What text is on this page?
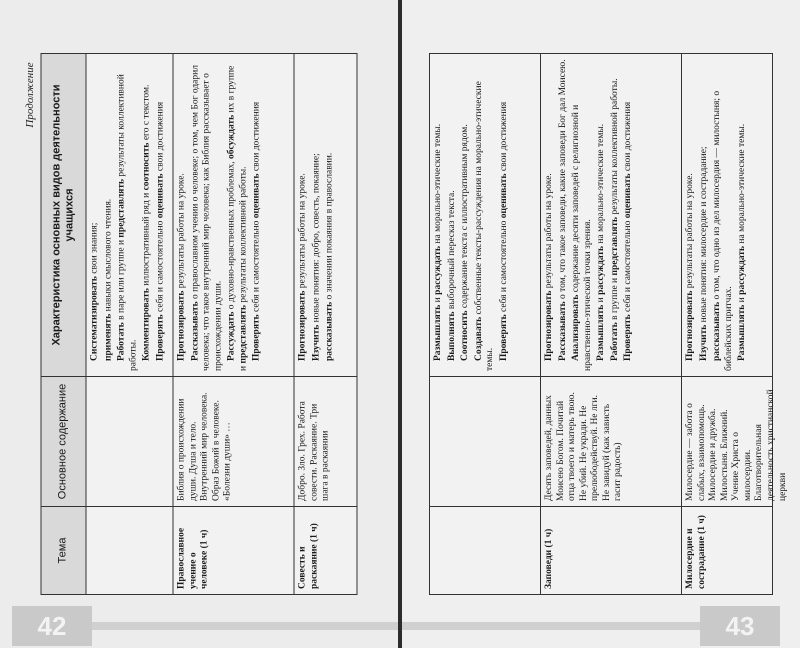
Продолжение
Тема
Основное содержание
Характеристика основных видов деятельности учащихся

Систематизировать свои знания;

применять навыки смыслового чтения.

Работать в паре или группе и представлять результаты коллективной работы. Комментировать иллюстративный ряд и соотносить его с текстом.

Проверять себя и самостоятельно оценивать свои достижения

Православное учение о человеке (1 ч)
Библия о происхождении души. Душа и тело. Внутренний мир человека. Образ Божий в человеке. «Болезни души» …

Прогнозировать результаты работы на уроке.

Рассказывать о православном учении о человеке; о том, чем Бог одарил человека; что такое внутренний мир человека; как Библия рассказывает о происхождении души. Рассуждать о духовно-нравственных проблемах, обсуждать их в группе и представлять результаты коллективной работы.

Проверять себя и самостоятельно оценивать свои достижения

Совесть и раскаяние (1 ч)
Добро. Зло. Грех. Работа совести. Раскаяние. Три шага в раскаянии

Прогнозировать результаты работы на уроке.

Изучить новые понятия: добро, совесть, покаяние;

рассказывать о значении покаяния в православии.

42

Размышлять и рассуждать на морально-этические темы.

Выполнять выборочный пересказ текста.

Соотносить содержание текста с иллюстративным рядом.

Создавать собственные тексты-рассуждения на морально-этические темы. Проверять себя и самостоятельно оценивать свои достижения

Заповеди (1 ч)
Десять заповедей, данных Моисею Богом. Почитай отца твоего и матерь твою. Не убий. Не укради. Не прелюбодействуй. Не лги. Не завидуй (как зависть гасит радость)

Прогнозировать результаты работы на уроке.

Рассказывать о том, что такое заповеди, какие заповеди Бог дал Моисею.

Анализировать содержание десяти заповедей с религиозной и нравственно-этической точки зрения. Размышлять и рассуждать на морально-этические темы.

Работать в группе и представлять результаты коллективной работы.

Проверять себя и самостоятельно оценивать свои достижения

Милосердие и сострадание (1 ч)
Милосердие — забота о слабых, взаимопомощь. Милосердие и дружба. Милостыня. Ближний. Учение Христа о милосердии. Благотворительная деятельность христианской церкви

Прогнозировать результаты работы на уроке.

Изучить новые понятия: милосердие и сострадание;

рассказывать о том, что одно из дел милосердия — милостыня; о библейских притчах. Размышлять и рассуждать на морально-этические темы.

43
